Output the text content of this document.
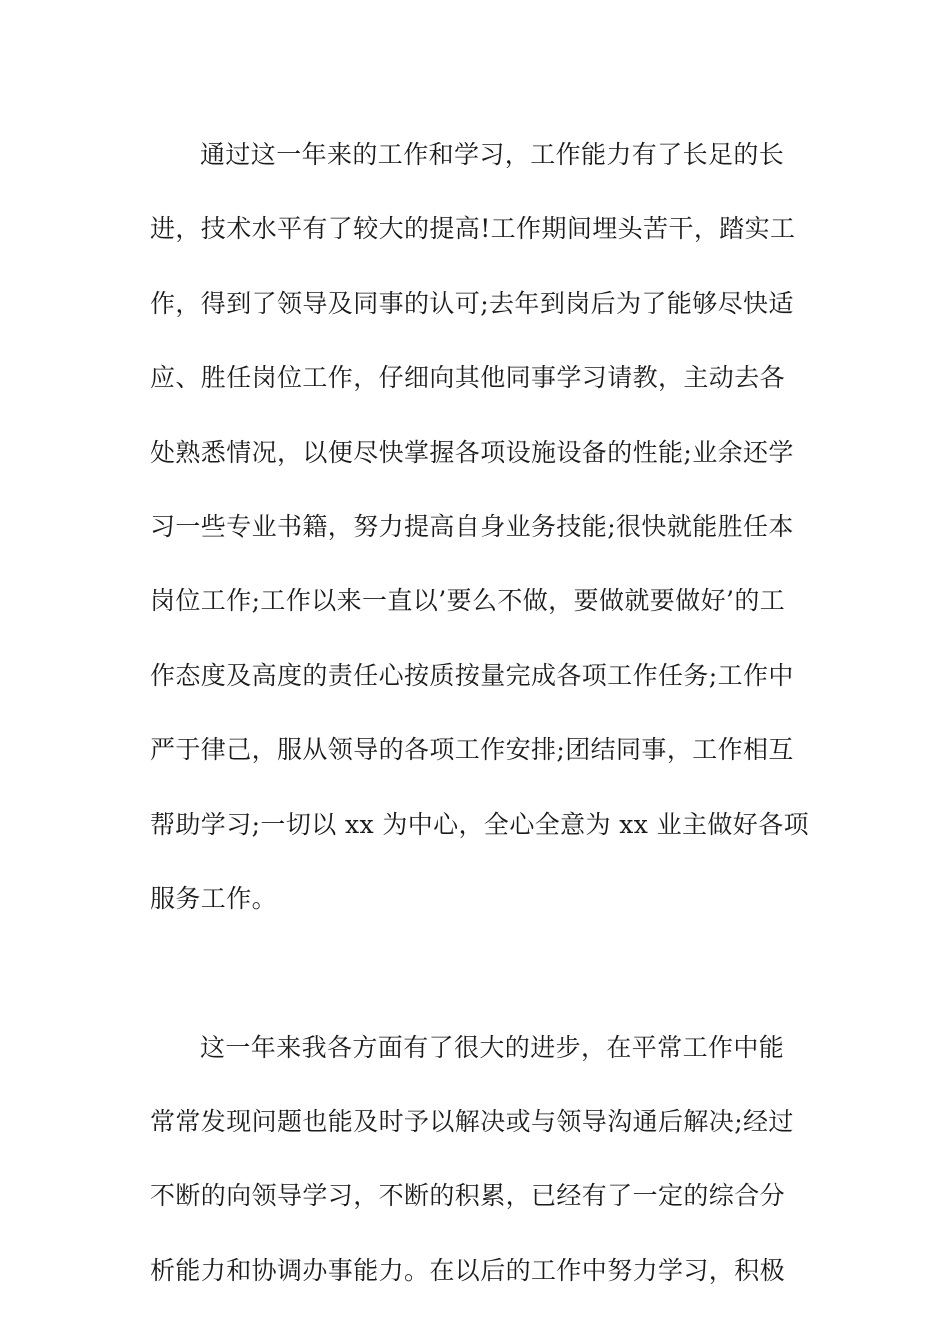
通过这一年来的工作和学习，工作能力有了长足的长
进，技术水平有了较大的提高!工作期间埋头苦干，踏实工
作，得到了领导及同事的认可;去年到岗后为了能够尽快适
应、胜任岗位工作，仔细向其他同事学习请教，主动去各
处熟悉情况，以便尽快掌握各项设施设备的性能;业余还学
习一些专业书籍，努力提高自身业务技能;很快就能胜任本
岗位工作;工作以来一直以’要么不做，要做就要做好’的工
作态度及高度的责任心按质按量完成各项工作任务;工作中
严于律己，服从领导的各项工作安排;团结同事，工作相互
帮助学习;一切以 xx 为中心，全心全意为 xx 业主做好各项
服务工作。
这一年来我各方面有了很大的进步，在平常工作中能
常常发现问题也能及时予以解决或与领导沟通后解决;经过
不断的向领导学习，不断的积累，已经有了一定的综合分
析能力和协调办事能力。在以后的工作中努力学习，积极
